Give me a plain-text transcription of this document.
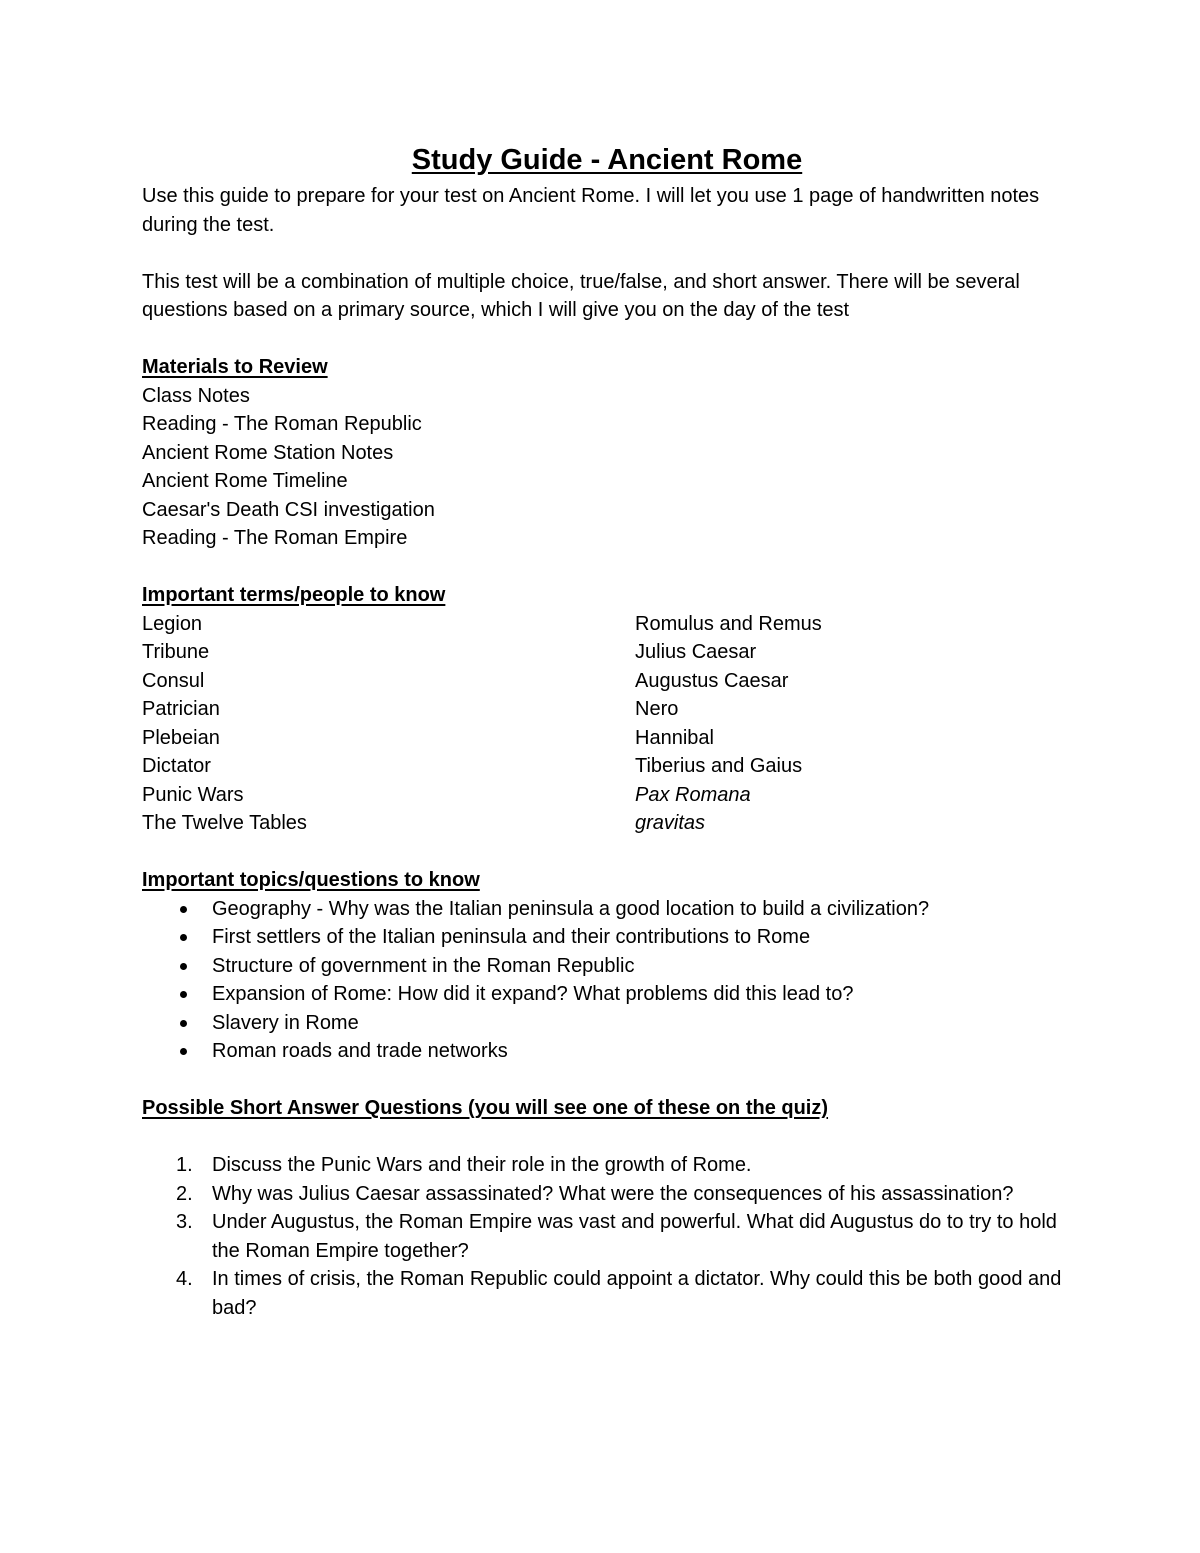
Study Guide - Ancient Rome

Use this guide to prepare for your test on Ancient Rome. I will let you use 1 page of handwritten notes during the test.

This test will be a combination of multiple choice, true/false, and short answer. There will be several questions based on a primary source, which I will give you on the day of the test

Materials to Review

Class Notes

Reading - The Roman Republic

Ancient Rome Station Notes

Ancient Rome Timeline

Caesar's Death CSI investigation

Reading - The Roman Empire

Important terms/people to know

Legion

Tribune

Consul

Patrician

Plebeian

Dictator

Punic Wars

The Twelve Tables

Romulus and Remus

Julius Caesar

Augustus Caesar

Nero

Hannibal

Tiberius and Gaius

Pax Romana

gravitas

Important topics/questions to know

Geography - Why was the Italian peninsula a good location to build a civilization?
First settlers of the Italian peninsula and their contributions to Rome
Structure of government in the Roman Republic
Expansion of Rome: How did it expand? What problems did this lead to?
Slavery in Rome
Roman roads and trade networks

Possible Short Answer Questions (you will see one of these on the quiz)

1. Discuss the Punic Wars and their role in the growth of Rome.
2. Why was Julius Caesar assassinated? What were the consequences of his assassination?
3. Under Augustus, the Roman Empire was vast and powerful. What did Augustus do to try to hold the Roman Empire together?
4. In times of crisis, the Roman Republic could appoint a dictator. Why could this be both good and bad?
